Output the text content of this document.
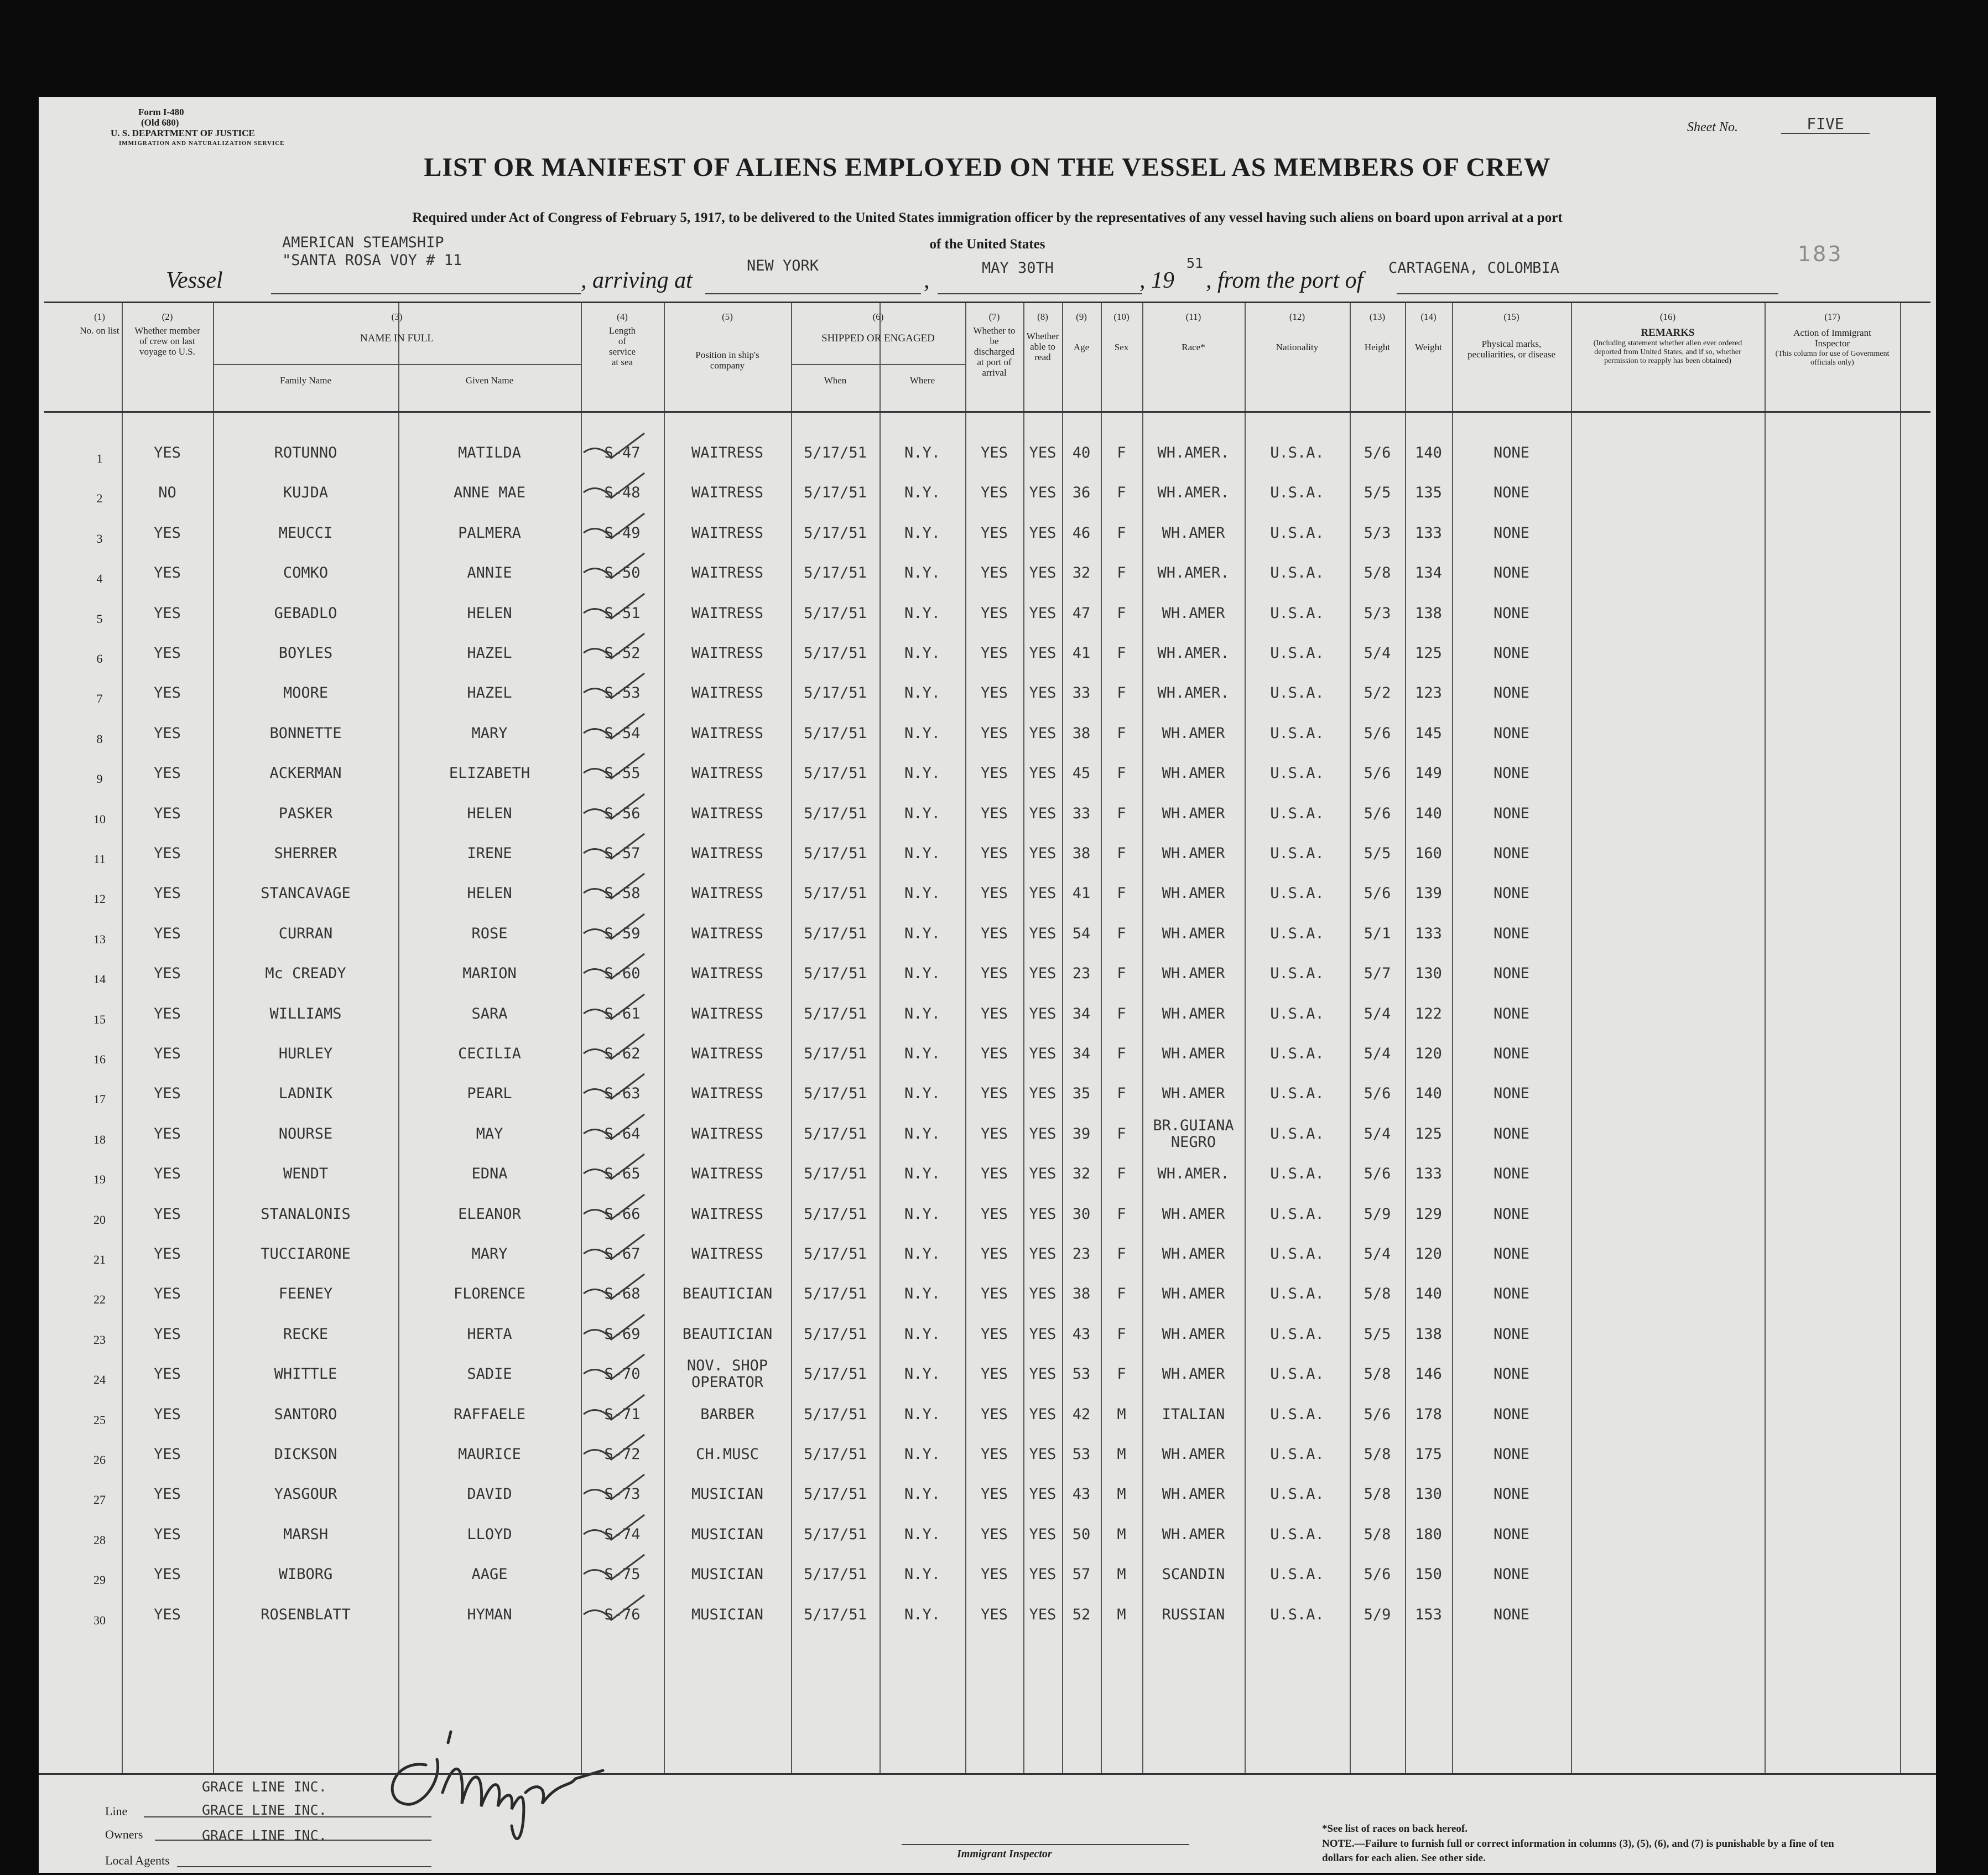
Form I-480
(Old 680)
U. S. DEPARTMENT OF JUSTICE
IMMIGRATION AND NATURALIZATION SERVICE
Sheet No.	FIVE
LIST OR MANIFEST OF ALIENS EMPLOYED ON THE VESSEL AS MEMBERS OF CREW
Required under Act of Congress of February 5, 1917, to be delivered to the United States immigration officer by the representatives of any vessel having such aliens on board upon arrival at a port
of the United States
AMERICAN STEAMSHIP
"SANTA ROSA VOY # 11	183
Vessel	, arriving at
NEW YORK
,	MAY 30TH	, 19
51
, from the port of CARTAGENA, COLOMBIA
(1)
No. on list
(2)
Whether member of crew on last voyage to U.S.
(3)
NAME IN FULL
Family Name	Given Name
(4)
Length of service at sea
(5)
Position in ship's company
(6)
SHIPPED OR ENGAGED
When	Where
(7)
Whether to be discharged at port of arrival
(8)
Whether able to read
(9)
Age
(10)
Sex
(11)
Race*
(12)
Nationality
(13)
Height
(14)
Weight
(15)
Physical marks, peculiarities, or disease
(16)
REMARKS
(Including statement whether alien ever ordered deported from United States, and if so, whether permission to reapply has been obtained)
(17)
Action of Immigrant Inspector
(This column for use of Government officials only)
1	YES	ROTUNNO	MATILDA	S-47	WAITRESS	5/17/51	N.Y.	YES	YES	40	F	WH.AMER.	U.S.A.	5/6	140	NONE
2	NO	KUJDA	ANNE MAE	S-48	WAITRESS	5/17/51	N.Y.	YES	YES	36	F	WH.AMER.	U.S.A.	5/5	135	NONE
3	YES	MEUCCI	PALMERA	S-49	WAITRESS	5/17/51	N.Y.	YES	YES	46	F	WH.AMER	U.S.A.	5/3	133	NONE
4	YES	COMKO	ANNIE	S-50	WAITRESS	5/17/51	N.Y.	YES	YES	32	F	WH.AMER.	U.S.A.	5/8	134	NONE
5	YES	GEBADLO	HELEN	S-51	WAITRESS	5/17/51	N.Y.	YES	YES	47	F	WH.AMER	U.S.A.	5/3	138	NONE
6	YES	BOYLES	HAZEL	S-52	WAITRESS	5/17/51	N.Y.	YES	YES	41	F	WH.AMER.	U.S.A.	5/4	125	NONE
7	YES	MOORE	HAZEL	S-53	WAITRESS	5/17/51	N.Y.	YES	YES	33	F	WH.AMER.	U.S.A.	5/2	123	NONE
8	YES	BONNETTE	MARY	S-54	WAITRESS	5/17/51	N.Y.	YES	YES	38	F	WH.AMER	U.S.A.	5/6	145	NONE
9	YES	ACKERMAN	ELIZABETH	S-55	WAITRESS	5/17/51	N.Y.	YES	YES	45	F	WH.AMER	U.S.A.	5/6	149	NONE
10	YES	PASKER	HELEN	S-56	WAITRESS	5/17/51	N.Y.	YES	YES	33	F	WH.AMER	U.S.A.	5/6	140	NONE
11	YES	SHERRER	IRENE	S-57	WAITRESS	5/17/51	N.Y.	YES	YES	38	F	WH.AMER	U.S.A.	5/5	160	NONE
12	YES	STANCAVAGE	HELEN	S-58	WAITRESS	5/17/51	N.Y.	YES	YES	41	F	WH.AMER	U.S.A.	5/6	139	NONE
13	YES	CURRAN	ROSE	S-59	WAITRESS	5/17/51	N.Y.	YES	YES	54	F	WH.AMER	U.S.A.	5/1	133	NONE
14	YES	Mc CREADY	MARION	S-60	WAITRESS	5/17/51	N.Y.	YES	YES	23	F	WH.AMER	U.S.A.	5/7	130	NONE
15	YES	WILLIAMS	SARA	S-61	WAITRESS	5/17/51	N.Y.	YES	YES	34	F	WH.AMER	U.S.A.	5/4	122	NONE
16	YES	HURLEY	CECILIA	S-62	WAITRESS	5/17/51	N.Y.	YES	YES	34	F	WH.AMER	U.S.A.	5/4	120	NONE
17	YES	LADNIK	PEARL	S-63	WAITRESS	5/17/51	N.Y.	YES	YES	35	F	WH.AMER	U.S.A.	5/6	140	NONE
18	YES	NOURSE	MAY	S-64	WAITRESS	5/17/51	N.Y.	YES	YES	39	F	BR.GUIANA NEGRO	U.S.A.	5/4	125	NONE
19	YES	WENDT	EDNA	S-65	WAITRESS	5/17/51	N.Y.	YES	YES	32	F	WH.AMER.	U.S.A.	5/6	133	NONE
20	YES	STANALONIS	ELEANOR	S-66	WAITRESS	5/17/51	N.Y.	YES	YES	30	F	WH.AMER	U.S.A.	5/9	129	NONE
21	YES	TUCCIARONE	MARY	S-67	WAITRESS	5/17/51	N.Y.	YES	YES	23	F	WH.AMER	U.S.A.	5/4	120	NONE
22	YES	FEENEY	FLORENCE	S-68	BEAUTICIAN	5/17/51	N.Y.	YES	YES	38	F	WH.AMER	U.S.A.	5/8	140	NONE
23	YES	RECKE	HERTA	S-69	BEAUTICIAN	5/17/51	N.Y.	YES	YES	43	F	WH.AMER	U.S.A.	5/5	138	NONE
24	YES	WHITTLE	SADIE	S-70	NOV. SHOP OPERATOR	5/17/51	N.Y.	YES	YES	53	F	WH.AMER	U.S.A.	5/8	146	NONE
25	YES	SANTORO	RAFFAELE	S-71	BARBER	5/17/51	N.Y.	YES	YES	42	M	ITALIAN	U.S.A.	5/6	178	NONE
26	YES	DICKSON	MAURICE	S-72	CH.MUSC	5/17/51	N.Y.	YES	YES	53	M	WH.AMER	U.S.A.	5/8	175	NONE
27	YES	YASGOUR	DAVID	S-73	MUSICIAN	5/17/51	N.Y.	YES	YES	43	M	WH.AMER	U.S.A.	5/8	130	NONE
28	YES	MARSH	LLOYD	S-74	MUSICIAN	5/17/51	N.Y.	YES	YES	50	M	WH.AMER	U.S.A.	5/8	180	NONE
29	YES	WIBORG	AAGE	S-75	MUSICIAN	5/17/51	N.Y.	YES	YES	57	M	SCANDIN	U.S.A.	5/6	150	NONE
30	YES	ROSENBLATT	HYMAN	S-76	MUSICIAN	5/17/51	N.Y.	YES	YES	52	M	RUSSIAN	U.S.A.	5/9	153	NONE
GRACE LINE INC.
Line	GRACE LINE INC.
Owners	GRACE LINE INC.
Local Agents	Immigrant Inspector
*See list of races on back hereof.
NOTE.—Failure to furnish full or correct information in columns (3), (5), (6), and (7) is punishable by a fine of ten dollars for each alien. See other side.
